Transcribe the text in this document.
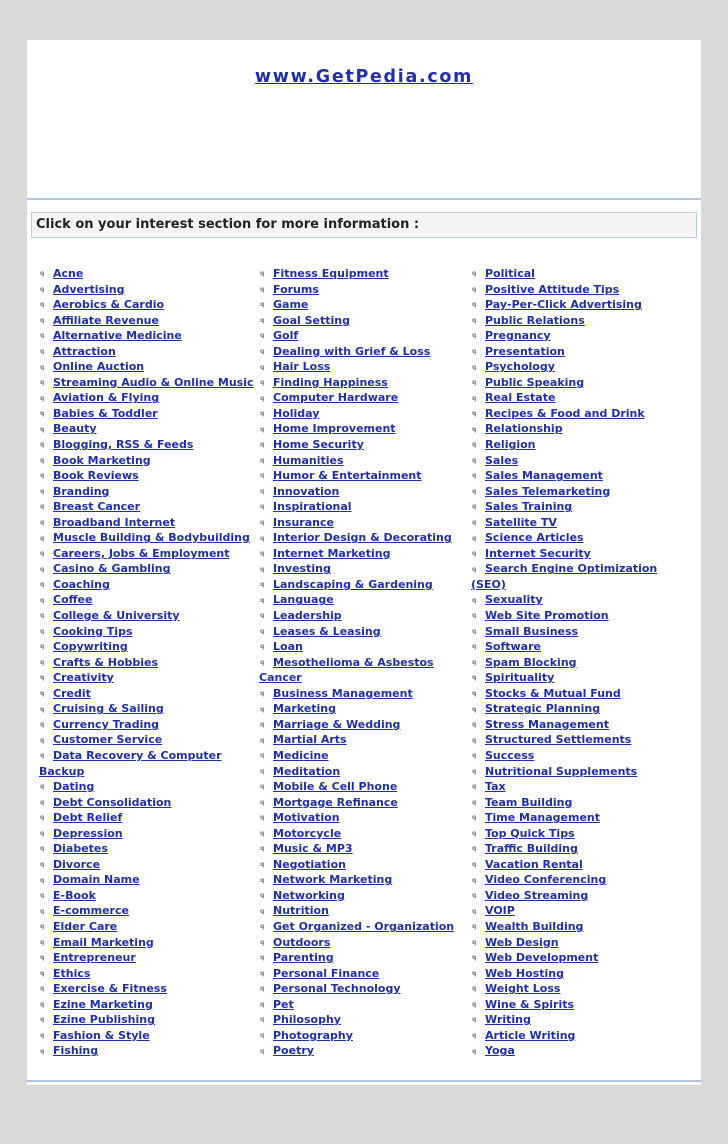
www.GetPedia.com
Click on your interest section for more information :
q Acne
q Advertising
q Aerobics & Cardio
q Affiliate Revenue
q Alternative Medicine
q Attraction
q Online Auction
q Streaming Audio & Online Music
q Aviation & Flying
q Babies & Toddler
q Beauty
q Blogging, RSS & Feeds
q Book Marketing
q Book Reviews
q Branding
q Breast Cancer
q Broadband Internet
q Muscle Building & Bodybuilding
q Careers, Jobs & Employment
q Casino & Gambling
q Coaching
q Coffee
q College & University
q Cooking Tips
q Copywriting
q Crafts & Hobbies
q Creativity
q Credit
q Cruising & Sailing
q Currency Trading
q Customer Service
q Data Recovery & Computer
Backup
q Dating
q Debt Consolidation
q Debt Relief
q Depression
q Diabetes
q Divorce
q Domain Name
q E-Book
q E-commerce
q Elder Care
q Email Marketing
q Entrepreneur
q Ethics
q Exercise & Fitness
q Ezine Marketing
q Ezine Publishing
q Fashion & Style
q Fishing
q Fitness Equipment
q Forums
q Game
q Goal Setting
q Golf
q Dealing with Grief & Loss
q Hair Loss
q Finding Happiness
q Computer Hardware
q Holiday
q Home Improvement
q Home Security
q Humanities
q Humor & Entertainment
q Innovation
q Inspirational
q Insurance
q Interior Design & Decorating
q Internet Marketing
q Investing
q Landscaping & Gardening
q Language
q Leadership
q Leases & Leasing
q Loan
q Mesothelioma & Asbestos
Cancer
q Business Management
q Marketing
q Marriage & Wedding
q Martial Arts
q Medicine
q Meditation
q Mobile & Cell Phone
q Mortgage Refinance
q Motivation
q Motorcycle
q Music & MP3
q Negotiation
q Network Marketing
q Networking
q Nutrition
q Get Organized - Organization
q Outdoors
q Parenting
q Personal Finance
q Personal Technology
q Pet
q Philosophy
q Photography
q Poetry
q Political
q Positive Attitude Tips
q Pay-Per-Click Advertising
q Public Relations
q Pregnancy
q Presentation
q Psychology
q Public Speaking
q Real Estate
q Recipes & Food and Drink
q Relationship
q Religion
q Sales
q Sales Management
q Sales Telemarketing
q Sales Training
q Satellite TV
q Science Articles
q Internet Security
q Search Engine Optimization
(SEO)
q Sexuality
q Web Site Promotion
q Small Business
q Software
q Spam Blocking
q Spirituality
q Stocks & Mutual Fund
q Strategic Planning
q Stress Management
q Structured Settlements
q Success
q Nutritional Supplements
q Tax
q Team Building
q Time Management
q Top Quick Tips
q Traffic Building
q Vacation Rental
q Video Conferencing
q Video Streaming
q VOIP
q Wealth Building
q Web Design
q Web Development
q Web Hosting
q Weight Loss
q Wine & Spirits
q Writing
q Article Writing
q Yoga
